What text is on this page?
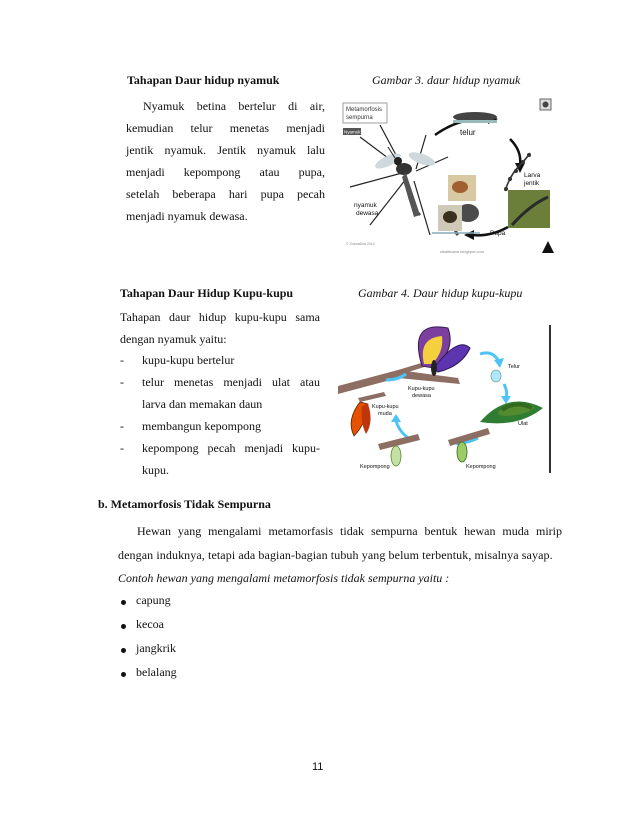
Tahapan Daur hidup nyamuk	Gambar 3. daur hidup nyamuk
Nyamuk betina bertelur di air,
kemudian telur menetas menjadi
jentik nyamuk. Jentik nyamuk lalu
menjadi kepompong atau pupa,
setelah beberapa hari pupa pecah
menjadi nyamuk dewasa.
Metamorfosis
sempurna
Nyamuk	telur
Larva
jentik
Pupa
nyamuk
dewasa
© Sukmalina 2014
sikalbuana.blogspot.com
Tahapan Daur Hidup Kupu-kupu	Gambar 4. Daur hidup kupu-kupu
Tahapan daur hidup kupu-kupu sama
dengan nyamuk yaitu:
- kupu-kupu bertelur
- telur menetas menjadi ulat atau
larva dan memakan daun
- membangun kepompong
- kepompong pecah menjadi kupu-
kupu.
Kupu-kupu
dewasa
Telur
Ulat
Kepompong
Kepompong
Kupu-kupu
muda
b. Metamorfosis Tidak Sempurna
Hewan yang mengalami metamorfasis tidak sempurna bentuk hewan muda mirip
dengan induknya, tetapi ada bagian-bagian tubuh yang belum terbentuk, misalnya sayap.
Contoh hewan yang mengalami metamorfosis tidak sempurna yaitu :
capung
kecoa
jangkrik
belalang
11
